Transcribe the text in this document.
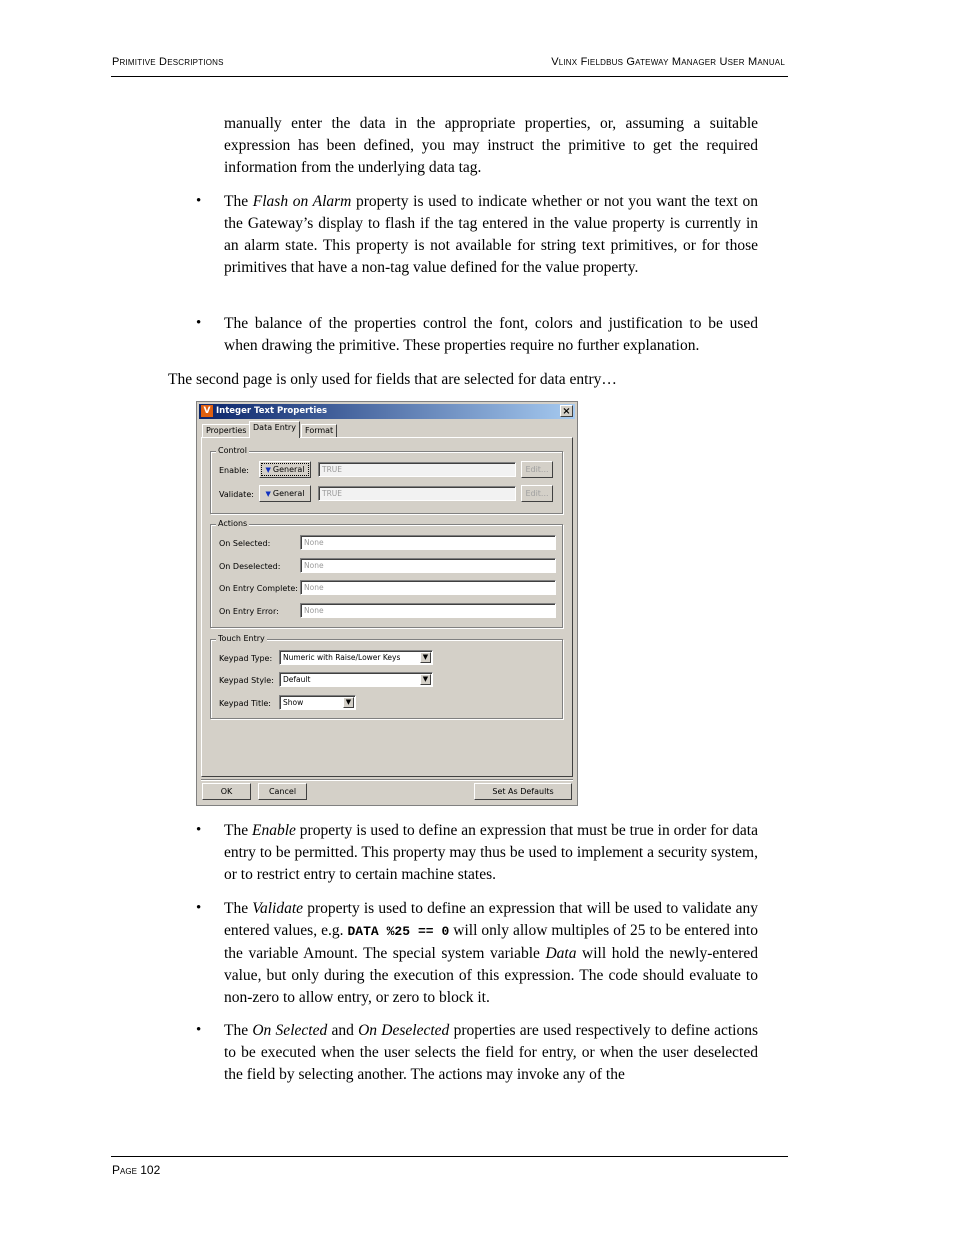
Primitive Descriptions	Vlinx Fieldbus Gateway Manager User Manual
manually enter the data in the appropriate properties, or, assuming a suitable expression has been defined, you may instruct the primitive to get the required information from the underlying data tag.
• The Flash on Alarm property is used to indicate whether or not you want the text on the Gateway’s display to flash if the tag entered in the value property is currently in an alarm state. This property is not available for string text primitives, or for those primitives that have a non-tag value defined for the value property.
• The balance of the properties control the font, colors and justification to be used when drawing the primitive. These properties require no further explanation.
The second page is only used for fields that are selected for data entry…
V Integer Text Properties	×
Properties Data Entry	Format
Control
Enable:	▼ General	TRUE	Edit...
Validate:	▼ General	TRUE	Edit...
Actions
On Selected:	None
On Deselected:	None
On Entry Complete: None
On Entry Error:	None
Touch Entry
Keypad Type:	Numeric with Raise/Lower Keys	▼
Keypad Style:	Default	▼
Keypad Title:	Show	▼
OK	Cancel	Set As Defaults
• The Enable property is used to define an expression that must be true in order for data entry to be permitted. This property may thus be used to implement a security system, or to restrict entry to certain machine states.
• The Validate property is used to define an expression that will be used to validate any entered values, e.g. DATA %25 == 0 will only allow multiples of 25 to be entered into the variable Amount. The special system variable Data will hold the newly-entered value, but only during the execution of this expression. The code should evaluate to non-zero to allow entry, or zero to block it.
• The On Selected and On Deselected properties are used respectively to define actions to be executed when the user selects the field for entry, or when the user deselected the field by selecting another. The actions may invoke any of the
Page 102
